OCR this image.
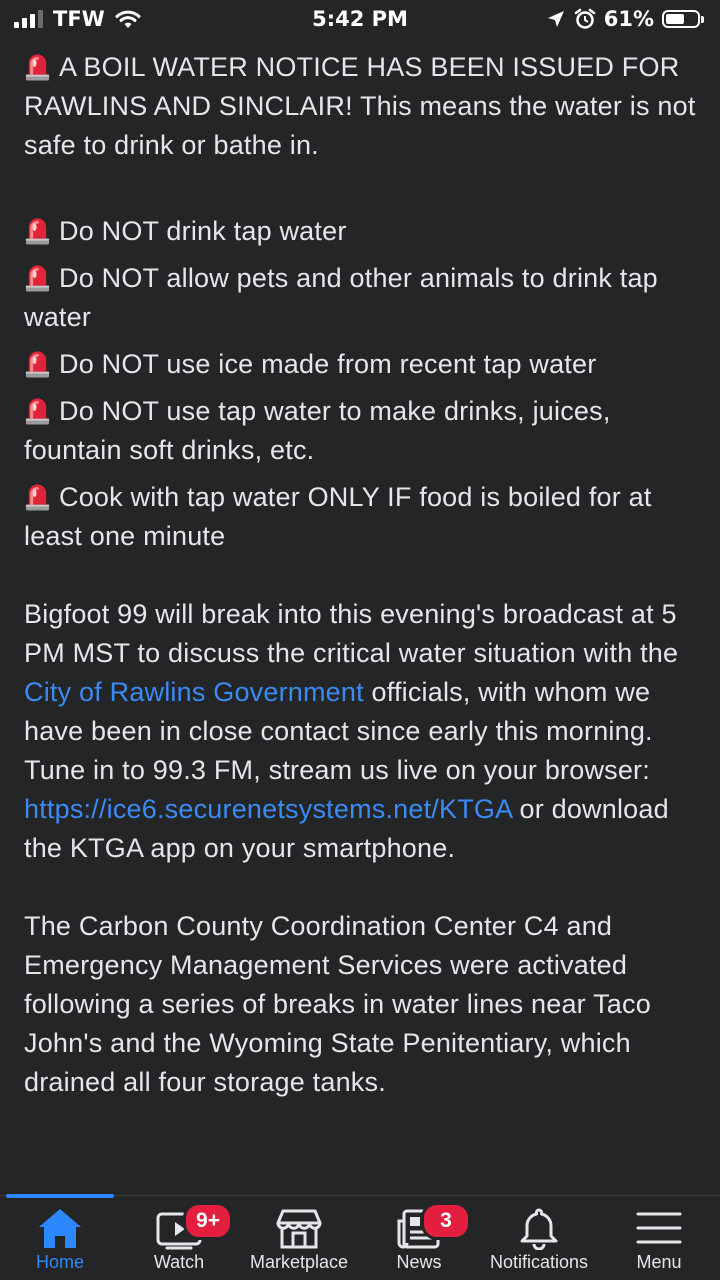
TFW	5:42 PM	61%

A BOIL WATER NOTICE HAS BEEN ISSUED FOR RAWLINS AND SINCLAIR! This means the water is not safe to drink or bathe in.

Do NOT drink tap water

Do NOT allow pets and other animals to drink tap water

Do NOT use ice made from recent tap water

Do NOT use tap water to make drinks, juices, fountain soft drinks, etc.

Cook with tap water ONLY IF food is boiled for at least one minute

Bigfoot 99 will break into this evening's broadcast at 5 PM MST to discuss the critical water situation with the City of Rawlins Government officials, with whom we have been in close contact since early this morning. Tune in to 99.3 FM, stream us live on your browser: https://ice6.securenetsystems.net/KTGA or download the KTGA app on your smartphone.

The Carbon County Coordination Center C4 and Emergency Management Services were activated following a series of breaks in water lines near Taco John's and the Wyoming State Penitentiary, which drained all four storage tanks.

Home	Watch
9+
Marketplace	News
3
Notifications	Menu
